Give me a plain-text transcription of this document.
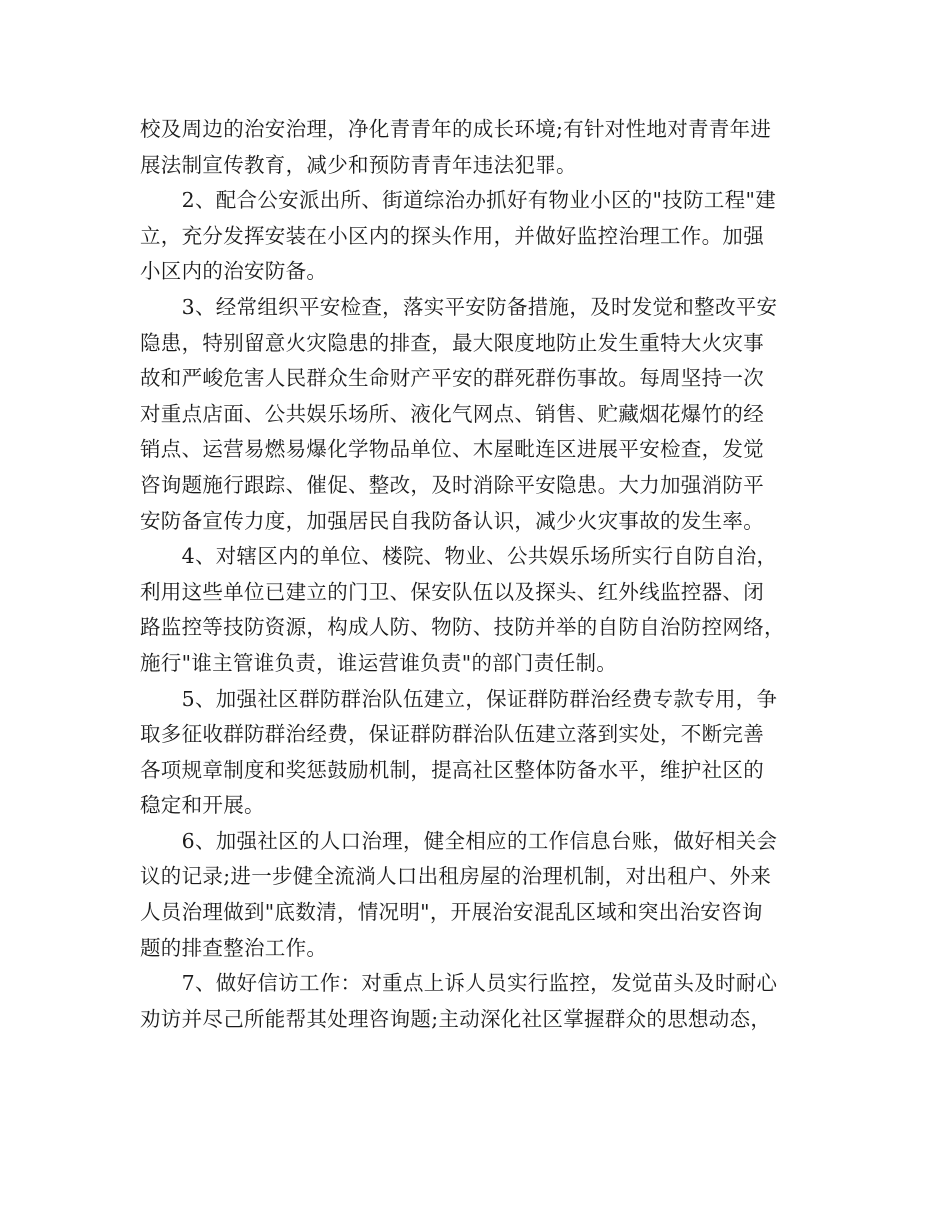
校及周边的治安治理，净化青青年的成长环境;有针对性地对青青年进
展法制宣传教育，减少和预防青青年违法犯罪。
　　2、配合公安派出所、街道综治办抓好有物业小区的"技防工程"建
立，充分发挥安装在小区内的探头作用，并做好监控治理工作。加强
小区内的治安防备。
　　3、经常组织平安检查，落实平安防备措施，及时发觉和整改平安
隐患，特别留意火灾隐患的排查，最大限度地防止发生重特大火灾事
故和严峻危害人民群众生命财产平安的群死群伤事故。每周坚持一次
对重点店面、公共娱乐场所、液化气网点、销售、贮藏烟花爆竹的经
销点、运营易燃易爆化学物品单位、木屋毗连区进展平安检查，发觉
咨询题施行跟踪、催促、整改，及时消除平安隐患。大力加强消防平
安防备宣传力度，加强居民自我防备认识，减少火灾事故的发生率。
　　4、对辖区内的单位、楼院、物业、公共娱乐场所实行自防自治，
利用这些单位已建立的门卫、保安队伍以及探头、红外线监控器、闭
路监控等技防资源，构成人防、物防、技防并举的自防自治防控网络，
施行"谁主管谁负责，谁运营谁负责"的部门责任制。
　　5、加强社区群防群治队伍建立，保证群防群治经费专款专用，争
取多征收群防群治经费，保证群防群治队伍建立落到实处，不断完善
各项规章制度和奖惩鼓励机制，提高社区整体防备水平，维护社区的
稳定和开展。
　　6、加强社区的人口治理，健全相应的工作信息台账，做好相关会
议的记录;进一步健全流淌人口出租房屋的治理机制，对出租户、外来
人员治理做到"底数清，情况明"，开展治安混乱区域和突出治安咨询
题的排查整治工作。
　　7、做好信访工作：对重点上诉人员实行监控，发觉苗头及时耐心
劝访并尽己所能帮其处理咨询题;主动深化社区掌握群众的思想动态，
